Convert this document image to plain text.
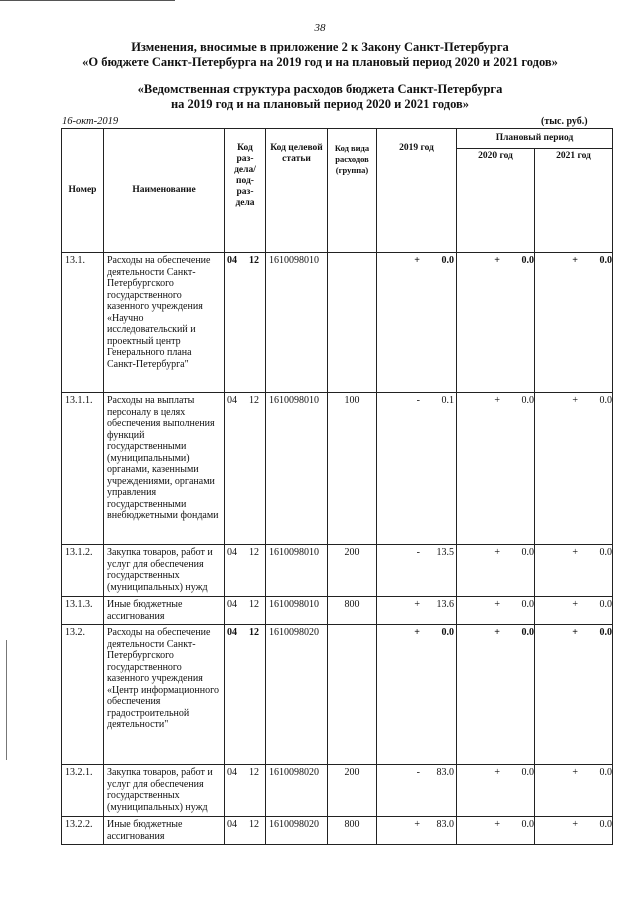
38
Изменения, вносимые в приложение 2 к Закону Санкт-Петербурга
«О бюджете Санкт-Петербурга на 2019 год и на плановый период 2020 и 2021 годов»
«Ведомственная структура расходов бюджета Санкт-Петербурга
на 2019 год и на плановый период 2020 и 2021 годов»
16-окт-2019	(тыс. руб.)
Номер	Наименование	Код раз-дела/ под-раз-дела	Код целевой статьи	Код вида расходов (группа)	2019 год	Плановый период	
						2020 год	2021 год
13.1.	Расходы на обеспечение деятельности Санкт-Петербургского государственного казенного учреждения «Научно исследовательский и проектный центр Генерального плана Санкт-Петербурга"	04 12	1610098010		+ 0.0	+ 0.0	+ 0.0
13.1.1.	Расходы на выплаты персоналу в целях обеспечения выполнения функций государственными (муниципальными) органами, казенными учреждениями, органами управления государственными внебюджетными фондами	04 12	1610098010	100	- 0.1	+ 0.0	+ 0.0
13.1.2.	Закупка товаров, работ и услуг для обеспечения государственных (муниципальных) нужд	04 12	1610098010	200	- 13.5	+ 0.0	+ 0.0
13.1.3.	Иные бюджетные ассигнования	04 12	1610098010	800	+ 13.6	+ 0.0	+ 0.0
13.2.	Расходы на обеспечение деятельности Санкт-Петербургского государственного казенного учреждения «Центр информационного обеспечения градостроительной деятельности"	04 12	1610098020		+ 0.0	+ 0.0	+ 0.0
13.2.1.	Закупка товаров, работ и услуг для обеспечения государственных (муниципальных) нужд	04 12	1610098020	200	- 83.0	+ 0.0	+ 0.0
13.2.2.	Иные бюджетные ассигнования	04 12	1610098020	800	+ 83.0	+ 0.0	+ 0.0
